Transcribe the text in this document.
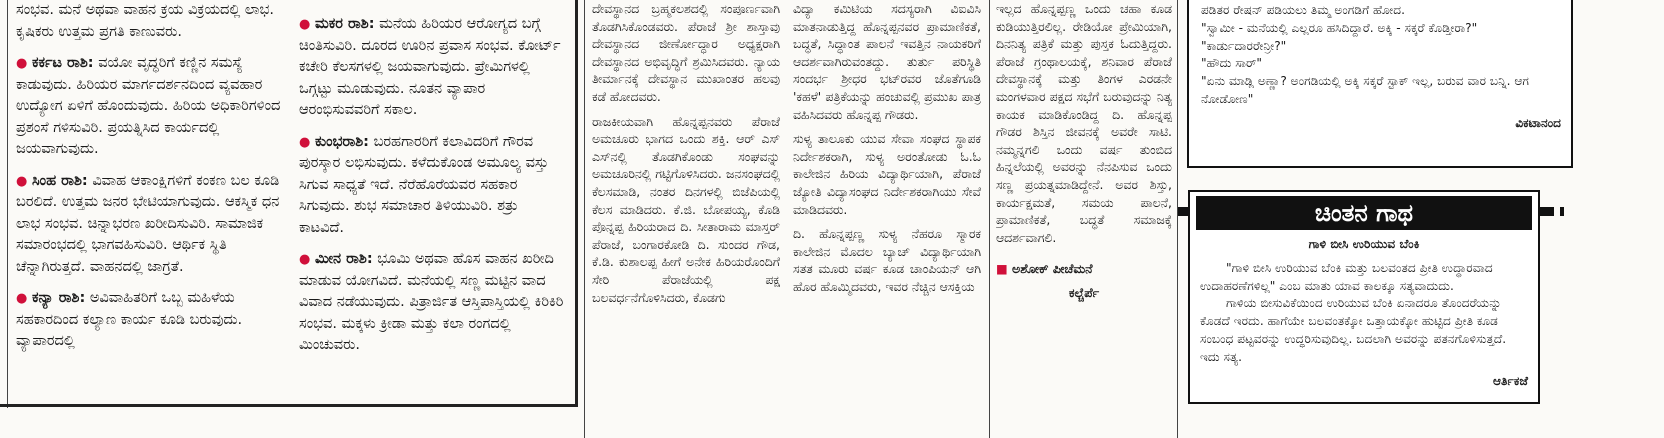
ಸಂಭವ. ಮನೆ ಅಥವಾ ವಾಹನ ಕ್ರಯ ವಿಕ್ರಯದಲ್ಲಿ ಲಾಭ. ಕೃಷಿಕರು ಉತ್ತಮ ಪ್ರಗತಿ ಕಾಣುವರು.

● ಕರ್ಕಟ ರಾಶಿ: ವಯೋ ವೃದ್ಧರಿಗೆ ಕಣ್ಣಿನ ಸಮಸ್ಯೆ ಕಾಡುವುದು. ಹಿರಿಯರ ಮಾರ್ಗದರ್ಶನದಿಂದ ವ್ಯವಹಾರ ಉದ್ಯೋಗ ಏಳಿಗೆ ಹೊಂದುವುದು. ಹಿರಿಯ ಅಧಿಕಾರಿಗಳಿಂದ ಪ್ರಶಂಸೆ ಗಳಿಸುವಿರಿ. ಪ್ರಯತ್ನಿಸಿದ ಕಾರ್ಯದಲ್ಲಿ ಜಯವಾಗುವುದು.

● ಸಿಂಹ ರಾಶಿ: ವಿವಾಹ ಆಕಾಂಕ್ಷಿಗಳಿಗೆ ಕಂಕಣ ಬಲ ಕೂಡಿ ಬರಲಿದೆ. ಉತ್ತಮ ಜನರ ಭೇಟಿಯಾಗುವುದು. ಆಕಸ್ಮಿಕ ಧನ ಲಾಭ ಸಂಭವ. ಚಿನ್ನಾಭರಣ ಖರೀದಿಸುವಿರಿ. ಸಾಮಾಜಿಕ ಸಮಾರಂಭದಲ್ಲಿ ಭಾಗವಹಿಸುವಿರಿ. ಆರ್ಥಿಕ ಸ್ಥಿತಿ ಚೆನ್ನಾಗಿರುತ್ತದೆ. ವಾಹನದಲ್ಲಿ ಜಾಗ್ರತೆ.

● ಕನ್ಯಾ ರಾಶಿ: ಅವಿವಾಹಿತರಿಗೆ ಒಬ್ಬ ಮಹಿಳೆಯ ಸಹಕಾರದಿಂದ ಕಲ್ಯಾಣ ಕಾರ್ಯ ಕೂಡಿ ಬರುವುದು. ವ್ಯಾಪಾರದಲ್ಲಿ

● ಮಕರ ರಾಶಿ: ಮನೆಯ ಹಿರಿಯರ ಆರೋಗ್ಯದ ಬಗ್ಗೆ ಚಿಂತಿಸುವಿರಿ. ದೂರದ ಊರಿನ ಪ್ರವಾಸ ಸಂಭವ. ಕೋರ್ಟ್ ಕಚೇರಿ ಕೆಲಸಗಳಲ್ಲಿ ಜಯವಾಗುವುದು. ಪ್ರೇಮಿಗಳಲ್ಲಿ ಒಗ್ಗಟ್ಟು ಮೂಡುವುದು. ನೂತನ ವ್ಯಾಪಾರ ಆರಂಭಿಸುವವರಿಗೆ ಸಕಾಲ.

● ಕುಂಭರಾಶಿ: ಬರಹಗಾರರಿಗೆ ಕಲಾವಿದರಿಗೆ ಗೌರವ ಪುರಸ್ಕಾರ ಲಭಿಸುವುದು. ಕಳೆದುಕೊಂಡ ಅಮೂಲ್ಯ ವಸ್ತು ಸಿಗುವ ಸಾಧ್ಯತೆ ಇದೆ. ನೆರೆಹೊರೆಯವರ ಸಹಕಾರ ಸಿಗುವುದು. ಶುಭ ಸಮಾಚಾರ ತಿಳಿಯುವಿರಿ. ಶತ್ರು ಕಾಟವಿದೆ.

● ಮೀನ ರಾಶಿ: ಭೂಮಿ ಅಥವಾ ಹೊಸ ವಾಹನ ಖರೀದಿ ಮಾಡುವ ಯೋಗವಿದೆ. ಮನೆಯಲ್ಲಿ ಸಣ್ಣ ಮಟ್ಟಿನ ವಾದ ವಿವಾದ ನಡೆಯುವುದು. ಪಿತ್ರಾರ್ಜಿತ ಆಸ್ತಿಪಾಸ್ತಿಯಲ್ಲಿ ಕಿರಿಕಿರಿ ಸಂಭವ. ಮಕ್ಕಳು ಕ್ರೀಡಾ ಮತ್ತು ಕಲಾ ರಂಗದಲ್ಲಿ ಮಿಂಚುವರು.

ದೇವಸ್ಥಾನದ ಬ್ರಹ್ಮಕಲಶದಲ್ಲಿ ಸಂಪೂರ್ಣವಾಗಿ ತೊಡಗಿಸಿಕೊಂಡವರು. ಪೆರಾಜೆ ಶ್ರೀ ಶಾಸ್ತಾವು ದೇವಸ್ಥಾನದ ಜೀರ್ಣೋದ್ಧಾರ ಅಧ್ಯಕ್ಷರಾಗಿ ದೇವಸ್ಥಾನದ ಅಭಿವೃದ್ಧಿಗೆ ಶ್ರಮಿಸಿದವರು. ನ್ಯಾಯ ತೀರ್ಮಾನಕ್ಕೆ ದೇವಸ್ಥಾನ ಮುಖಾಂತರ ಹಲವು ಕಡೆ ಹೋದವರು.

ರಾಜಕೀಯವಾಗಿ ಹೊನ್ನಪ್ಪನವರು ಪೆರಾಜೆ ಅಮಚೂರು ಭಾಗದ ಒಂದು ಶಕ್ತಿ. ಆರ್ ಎಸ್ ಎಸ್‌ನಲ್ಲಿ ತೊಡಗಿಕೊಂಡು ಸಂಘವನ್ನು ಅಮಚೂರಿನಲ್ಲಿ ಗಟ್ಟಿಗೊಳಿಸಿದರು. ಜನಸಂಘದಲ್ಲಿ ಕೆಲಸಮಾಡಿ, ನಂತರ ದಿನಗಳಲ್ಲಿ ಬಿಜೆಪಿಯಲ್ಲಿ ಕೆಲಸ ಮಾಡಿದರು. ಕೆ.ಜಿ. ಬೋಪಯ್ಯ, ಕೊಡಿ ಪೊನ್ನಪ್ಪ ಹಿರಿಯರಾದ ದಿ. ಸೀತಾರಾಮ ಮಾಸ್ತರ್ ಪೆರಾಜೆ, ಬಂಗಾರಕೋಡಿ ದಿ. ಸುಂದರ ಗೌಡ, ಕೆ.ಡಿ. ಕುಶಾಲಪ್ಪ ಹೀಗೆ ಅನೇಕ ಹಿರಿಯರೊಂದಿಗೆ ಸೇರಿ ಪೆರಾಜೆಯಲ್ಲಿ ಪಕ್ಷ ಬಲವರ್ಧನೆಗೊಳಿಸಿದರು, ಕೊಡಗು

ವಿದ್ಯಾ ಕಮಿಟಿಯ ಸದಸ್ಯರಾಗಿ ವಿಐವಿಸಿ ಮಾತನಾಡುತ್ತಿದ್ದ ಹೊನ್ನಪ್ಪನವರ ಪ್ರಾಮಾಣಿಕತೆ, ಬದ್ಧತೆ, ಸಿದ್ಧಾಂತ ಪಾಲನೆ ಇವತ್ತಿನ ನಾಯಕರಿಗೆ ಆದರ್ಶವಾಗಿರುವಂತದ್ದು. ತುರ್ತು ಪರಿಸ್ಥಿತಿ ಸಂದರ್ಭ ಶ್ರೀಧರ ಭಟ್‌ರವರ ಜೊತೆಗೂಡಿ 'ಕಹಳೆ' ಪತ್ರಿಕೆಯನ್ನು ಹಂಚುವಲ್ಲಿ ಪ್ರಮುಖ ಪಾತ್ರ ವಹಿಸಿದವರು ಹೊನ್ನಪ್ಪ ಗೌಡರು.

ಸುಳ್ಯ ತಾಲೂಕು ಯುವ ಸೇವಾ ಸಂಘದ ಸ್ಥಾಪಕ ನಿರ್ದೇಶಕರಾಗಿ, ಸುಳ್ಯ ಅರಂತೋಡು ಓ.ಓ ಕಾಲೇಜಿನ ಹಿರಿಯ ವಿದ್ಯಾರ್ಥಿಯಾಗಿ, ಪೆರಾಜೆ ಜ್ಯೋತಿ ವಿದ್ಯಾಸಂಘದ ನಿರ್ದೇಶಕರಾಗಿಯು ಸೇವೆ ಮಾಡಿದವರು.

ದಿ. ಹೊನ್ನಪ್ಪಣ್ಣ ಸುಳ್ಯ ನೆಹರೂ ಸ್ಮಾರಕ ಕಾಲೇಜಿನ ಮೊದಲ ಬ್ಯಾಚ್ ವಿದ್ಯಾರ್ಥಿಯಾಗಿ ಸತತ ಮೂರು ವರ್ಷ ಕೂಡ ಚಾಂಪಿಯನ್ ಆಗಿ ಹೊರ ಹೊಮ್ಮಿದವರು, ಇವರ ನೆಚ್ಚಿನ ಆಸಕ್ತಿಯ

ಇಲ್ಲದ ಹೊನ್ನಪ್ಪಣ್ಣ ಒಂದು ಚಹಾ ಕೂಡ ಕುಡಿಯುತ್ತಿರಲಿಲ್ಲ. ರೇಡಿಯೋ ಪ್ರೇಮಿಯಾಗಿ, ದಿನನಿತ್ಯ ಪತ್ರಿಕೆ ಮತ್ತು ಪುಸ್ತಕ ಓದುತ್ತಿದ್ದರು. ಪೆರಾಜೆ ಗ್ರಂಥಾಲಯಕ್ಕೆ, ಶನಿವಾರ ಪೆರಾಜೆ ದೇವಸ್ಥಾನಕ್ಕೆ ಮತ್ತು ತಿಂಗಳ ಎರಡನೇ ಮಂಗಳವಾರ ಪಕ್ಷದ ಸಭೆಗೆ ಬರುವುದನ್ನು ನಿತ್ಯ ಕಾಯಕ ಮಾಡಿಕೊಂಡಿದ್ದ ದಿ. ಹೊನ್ನಪ್ಪ ಗೌಡರ ಶಿಸ್ತಿನ ಜೀವನಕ್ಕೆ ಅವರೇ ಸಾಟಿ. ನಮ್ಮನ್ನಗಲಿ ಒಂದು ವರ್ಷ ತುಂಬಿದ ಹಿನ್ನಲೆಯಲ್ಲಿ ಅವರನ್ನು ನೆನಪಿಸುವ ಒಂದು ಸಣ್ಣ ಪ್ರಯತ್ನಮಾಡಿದ್ದೇನೆ. ಅವರ ಶಿಸ್ತು, ಕಾರ್ಯಕ್ಷಮತೆ, ಸಮಯ ಪಾಲನೆ, ಪ್ರಾಮಾಣಿಕತೆ, ಬದ್ಧತೆ ಸಮಾಜಕ್ಕೆ ಆದರ್ಶವಾಗಲಿ.

■ ಅಶೋಕ್ ಪೀಚೆಮನೆ

ಕಲ್ಚೆರ್ಪೆ

ಪಡಿತರ ರೇಷನ್ ಪಡಿಯಲು ತಿಮ್ಮ ಅಂಗಡಿಗೆ ಹೋದ.

"ಸ್ವಾಮೀ - ಮನೆಯಲ್ಲಿ ಎಲ್ಲರೂ ಹಸಿದಿದ್ದಾರೆ. ಅಕ್ಕಿ - ಸಕ್ಕರೆ ಕೊಡ್ತೀರಾ?"

"ಕಾರ್ಡುದಾರರೇನ್ರೀ?"

"ಹೌದು ಸಾರ್"

"ಏನು ಮಾಡ್ಲಿ ಅಣ್ಣಾ? ಅಂಗಡಿಯಲ್ಲಿ ಅಕ್ಕಿ ಸಕ್ಕರೆ ಸ್ಟಾಕ್ ಇಲ್ಲ, ಬರುವ ವಾರ ಬನ್ನಿ. ಆಗ ನೋಡೋಣ"

ವಿಕಟಾನಂದ

ಚಿಂತನ ಗಾಥ

ಗಾಳಿ ಬೀಸಿ ಉರಿಯುವ ಬೆಂಕಿ

"ಗಾಳಿ ಬೀಸಿ ಉರಿಯುವ ಬೆಂಕಿ ಮತ್ತು ಬಲವಂತದ ಪ್ರೀತಿ ಉದ್ಧಾರವಾದ ಉದಾಹರಣೆಗಳಿಲ್ಲ" ಎಂಬ ಮಾತು ಯಾವ ಕಾಲಕ್ಕೂ ಸತ್ಯವಾದುದು.

ಗಾಳಿಯ ಬೀಸುವಿಕೆಯಿಂದ ಉರಿಯುವ ಬೆಂಕಿ ಏನಾದರೂ ತೊಂದರೆಯನ್ನು ಕೊಡದೆ ಇರದು. ಹಾಗೆಯೇ ಬಲವಂತಕ್ಕೋ ಒತ್ತಾಯಕ್ಕೋ ಹುಟ್ಟಿದ ಪ್ರೀತಿ ಕೂಡ ಸಂಬಂಧ ಪಟ್ಟವರನ್ನು ಉದ್ಧರಿಸುವುದಿಲ್ಲ. ಬದಲಾಗಿ ಅವರನ್ನು ಪತನಗೊಳಿಸುತ್ತದೆ. ಇದು ಸತ್ಯ.

ಆರ್ತಿಕಜೆ
